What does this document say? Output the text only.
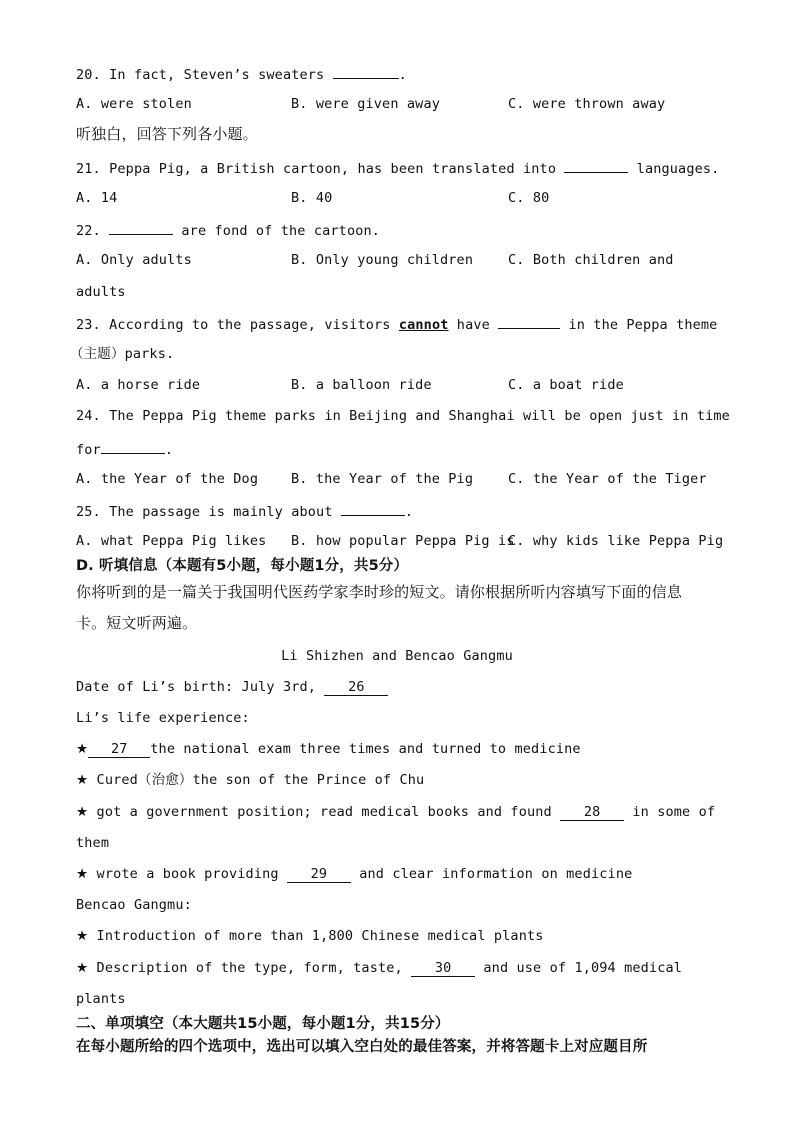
20. In fact, Steven’s sweaters	.
A. were stolen	B. were given away	C. were thrown away
听独白，回答下列各小题。
21. Peppa Pig, a British cartoon, has been translated into	languages.
A. 14	B. 40	C. 80
22.	are fond of the cartoon.
A. Only adults	B. Only young children	C. Both children and
adults
23. According to the passage, visitors cannot have	in the Peppa theme
（主题）parks.
A. a horse ride	B. a balloon ride	C. a boat ride
24. The Peppa Pig theme parks in Beijing and Shanghai will be open just in time
for	.
A. the Year of the Dog B. the Year of the Pig	C. the Year of the Tiger
25. The passage is mainly about	.
A. what Peppa Pig likes B. how popular Peppa Pig is
C. why kids like Peppa Pig
D. 听填信息（本题有5小题，每小题1分，共5分）
你将听到的是一篇关于我国明代医药学家李时珍的短文。请你根据所听内容填写下面的信息
卡。短文听两遍。
Li Shizhen and Bencao Gangmu
Date of Li’s birth: July 3rd, 26
Li’s life experience:
★ 27 the national exam three times and turned to medicine
★ Cured（治愈）the son of the Prince of Chu
★ got a government position; read medical books and found 28 in some of
them
★ wrote a book providing 29 and clear information on medicine
Bencao Gangmu:
★ Introduction of more than 1,800 Chinese medical plants
★ Description of the type, form, taste, 30 and use of 1,094 medical
plants
二、单项填空（本大题共15小题，每小题1分，共15分）
在每小题所给的四个选项中，选出可以填入空白处的最佳答案，并将答题卡上对应题目所
